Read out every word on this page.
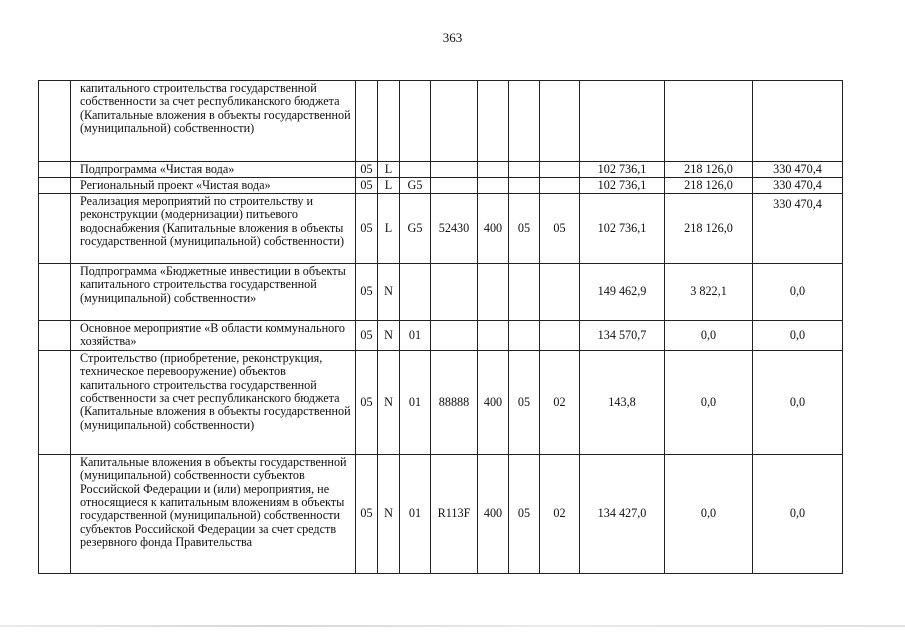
363
	капитального строительства государственной собственности за счет республиканского бюджета (Капитальные вложения в объекты государственной (муниципальной) собственности)										
	Подпрограмма «Чистая вода»	05	L						102 736,1	218 126,0	330 470,4
	Региональный проект «Чистая вода»	05	L	G5					102 736,1	218 126,0	330 470,4
	Реализация мероприятий по строительству и реконструкции (модернизации) питьевого водоснабжения (Капитальные вложения в объекты государственной (муниципальной) собственности)	05	L	G5	52430	400	05	05	102 736,1	218 126,0	330 470,4
	Подпрограмма «Бюджетные инвестиции в объекты капитального строительства государственной (муниципальной) собственности»	05	N						149 462,9	3 822,1	0,0
	Основное мероприятие «В области коммунального хозяйства»	05	N	01					134 570,7	0,0	0,0
	Строительство (приобретение, реконструкция, техническое перевооружение) объектов капитального строительства государственной собственности за счет республиканского бюджета (Капитальные вложения в объекты государственной (муниципальной) собственности)	05	N	01	88888	400	05	02	143,8	0,0	0,0
	Капитальные вложения в объекты государственной (муниципальной) собственности субъектов Российской Федерации и (или) мероприятия, не относящиеся к капитальным вложениям в объекты государственной (муниципальной) собственности субъектов Российской Федерации за счет средств резервного фонда Правительства	05	N	01	R113F	400	05	02	134 427,0	0,0	0,0
